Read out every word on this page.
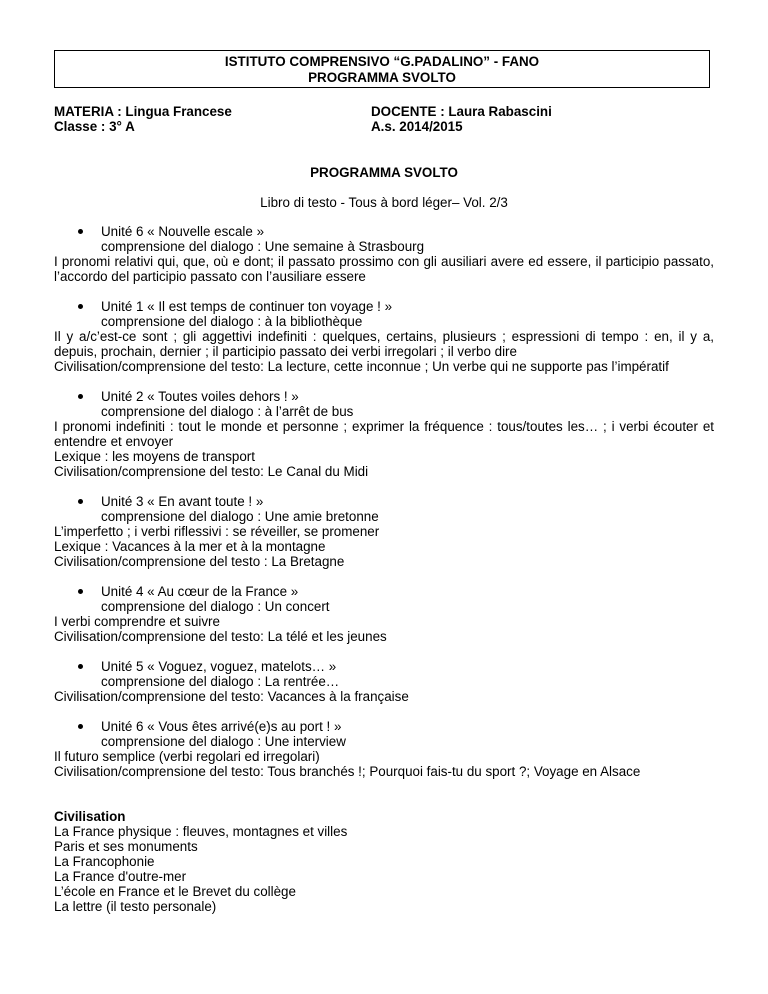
ISTITUTO COMPRENSIVO “G.PADALINO” - FANO
PROGRAMMA SVOLTO
MATERIA : Lingua Francese
Classe : 3° A
DOCENTE : Laura Rabascini
A.s. 2014/2015
PROGRAMMA SVOLTO
Libro di testo - Tous à bord léger– Vol. 2/3
Unité 6 « Nouvelle escale »
comprensione del dialogo : Une semaine à Strasbourg
I pronomi relativi qui, que, où e dont; il passato prossimo con gli ausiliari avere ed essere, il participio passato, l’accordo del participio passato con l’ausiliare essere
Unité 1 « Il est temps de continuer ton voyage ! »
comprensione del dialogo : à la bibliothèque
Il y a/c’est-ce sont ; gli aggettivi indefiniti : quelques, certains, plusieurs ; espressioni di tempo : en, il y a, depuis, prochain, dernier ; il participio passato dei verbi irregolari ; il verbo dire
Civilisation/comprensione del testo: La lecture, cette inconnue ; Un verbe qui ne supporte pas l’impératif
Unité 2 « Toutes voiles dehors ! »
comprensione del dialogo : à l’arrêt de bus
I pronomi indefiniti : tout le monde et personne ; exprimer la fréquence : tous/toutes les… ; i verbi écouter et entendre et envoyer
Lexique : les moyens de transport
Civilisation/comprensione del testo: Le Canal du Midi
Unité 3 « En avant toute ! »
comprensione del dialogo : Une amie bretonne
L’imperfetto ; i verbi riflessivi : se réveiller, se promener
Lexique : Vacances à la mer et à la montagne
Civilisation/comprensione del testo : La Bretagne
Unité 4 « Au cœur de la France »
comprensione del dialogo : Un concert
I verbi comprendre et suivre
Civilisation/comprensione del testo: La télé et les jeunes
Unité 5 « Voguez, voguez, matelots… »
comprensione del dialogo : La rentrée…
Civilisation/comprensione del testo: Vacances à la française
Unité 6 « Vous êtes arrivé(e)s au port ! »
comprensione del dialogo : Une interview
Il futuro semplice (verbi regolari ed irregolari)
Civilisation/comprensione del testo: Tous branchés !; Pourquoi fais-tu du sport ?; Voyage en Alsace
Civilisation
La France physique : fleuves, montagnes et villes
Paris et ses monuments
La Francophonie
La France d'outre-mer
L’école en France et le Brevet du collège
La lettre (il testo personale)
